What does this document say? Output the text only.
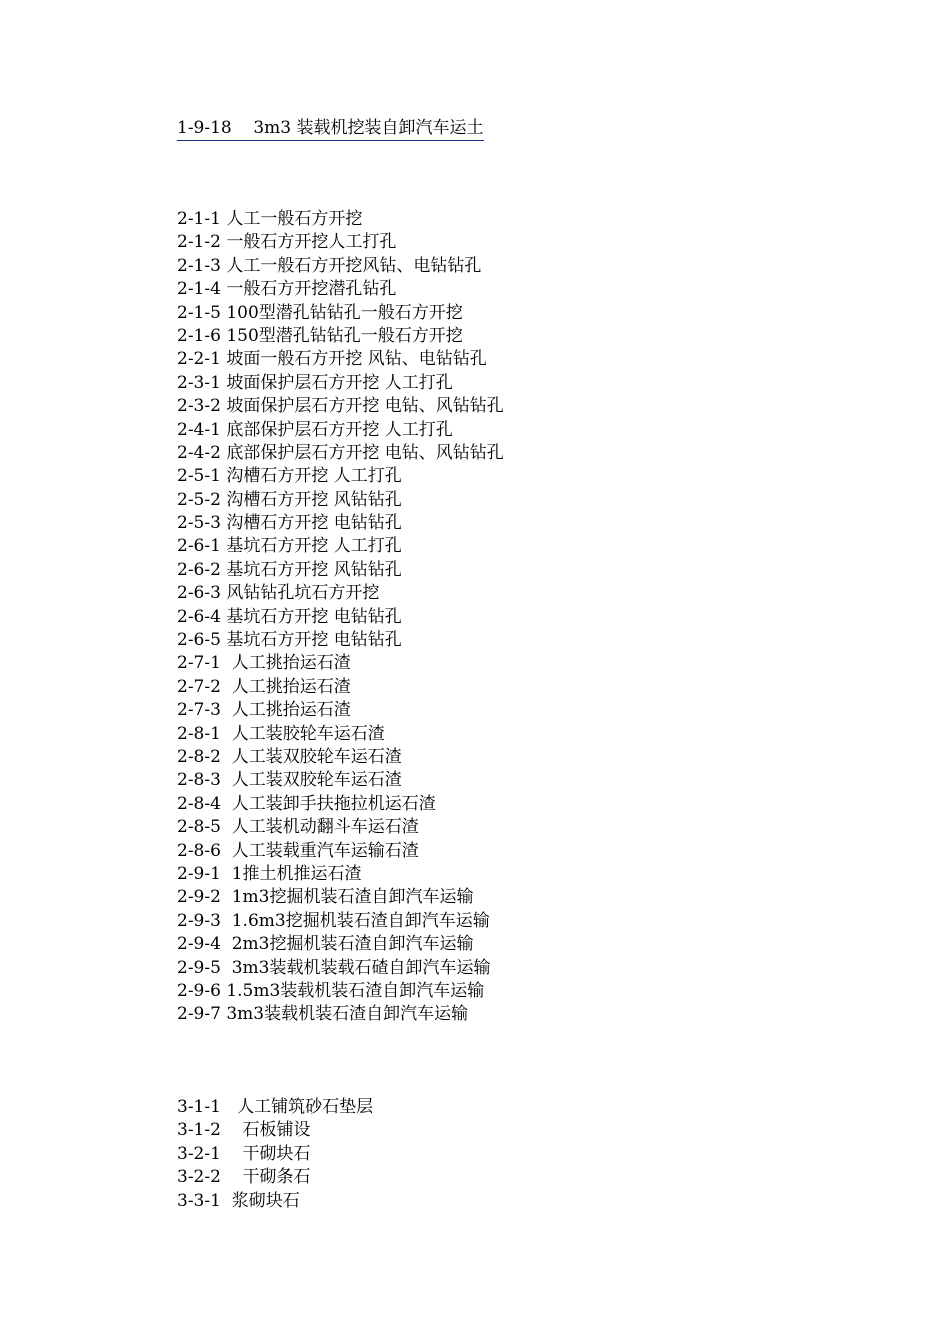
1-9-18    3m3 装载机挖装自卸汽车运土
2-1-1 人工一般石方开挖
2-1-2 一般石方开挖人工打孔
2-1-3 人工一般石方开挖风钻、电钻钻孔
2-1-4 一般石方开挖潜孔钻孔
2-1-5 100型潜孔钻钻孔一般石方开挖
2-1-6 150型潜孔钻钻孔一般石方开挖
2-2-1 坡面一般石方开挖 风钻、电钻钻孔
2-3-1 坡面保护层石方开挖 人工打孔
2-3-2 坡面保护层石方开挖 电钻、风钻钻孔
2-4-1 底部保护层石方开挖 人工打孔
2-4-2 底部保护层石方开挖 电钻、风钻钻孔
2-5-1 沟槽石方开挖 人工打孔
2-5-2 沟槽石方开挖 风钻钻孔
2-5-3 沟槽石方开挖 电钻钻孔
2-6-1 基坑石方开挖 人工打孔
2-6-2 基坑石方开挖 风钻钻孔
2-6-3 风钻钻孔坑石方开挖
2-6-4 基坑石方开挖 电钻钻孔
2-6-5 基坑石方开挖 电钻钻孔
2-7-1  人工挑抬运石渣
2-7-2  人工挑抬运石渣
2-7-3  人工挑抬运石渣
2-8-1  人工装胶轮车运石渣
2-8-2  人工装双胶轮车运石渣
2-8-3  人工装双胶轮车运石渣
2-8-4  人工装卸手扶拖拉机运石渣
2-8-5  人工装机动翻斗车运石渣
2-8-6  人工装载重汽车运输石渣
2-9-1  1推土机推运石渣
2-9-2  1m3挖掘机装石渣自卸汽车运输
2-9-3  1.6m3挖掘机装石渣自卸汽车运输
2-9-4  2m3挖掘机装石渣自卸汽车运输
2-9-5  3m3装载机装载石碴自卸汽车运输
2-9-6 1.5m3装载机装石渣自卸汽车运输
2-9-7 3m3装载机装石渣自卸汽车运输
3-1-1   人工铺筑砂石垫层
3-1-2    石板铺设
3-2-1    干砌块石
3-2-2    干砌条石
3-3-1  浆砌块石
